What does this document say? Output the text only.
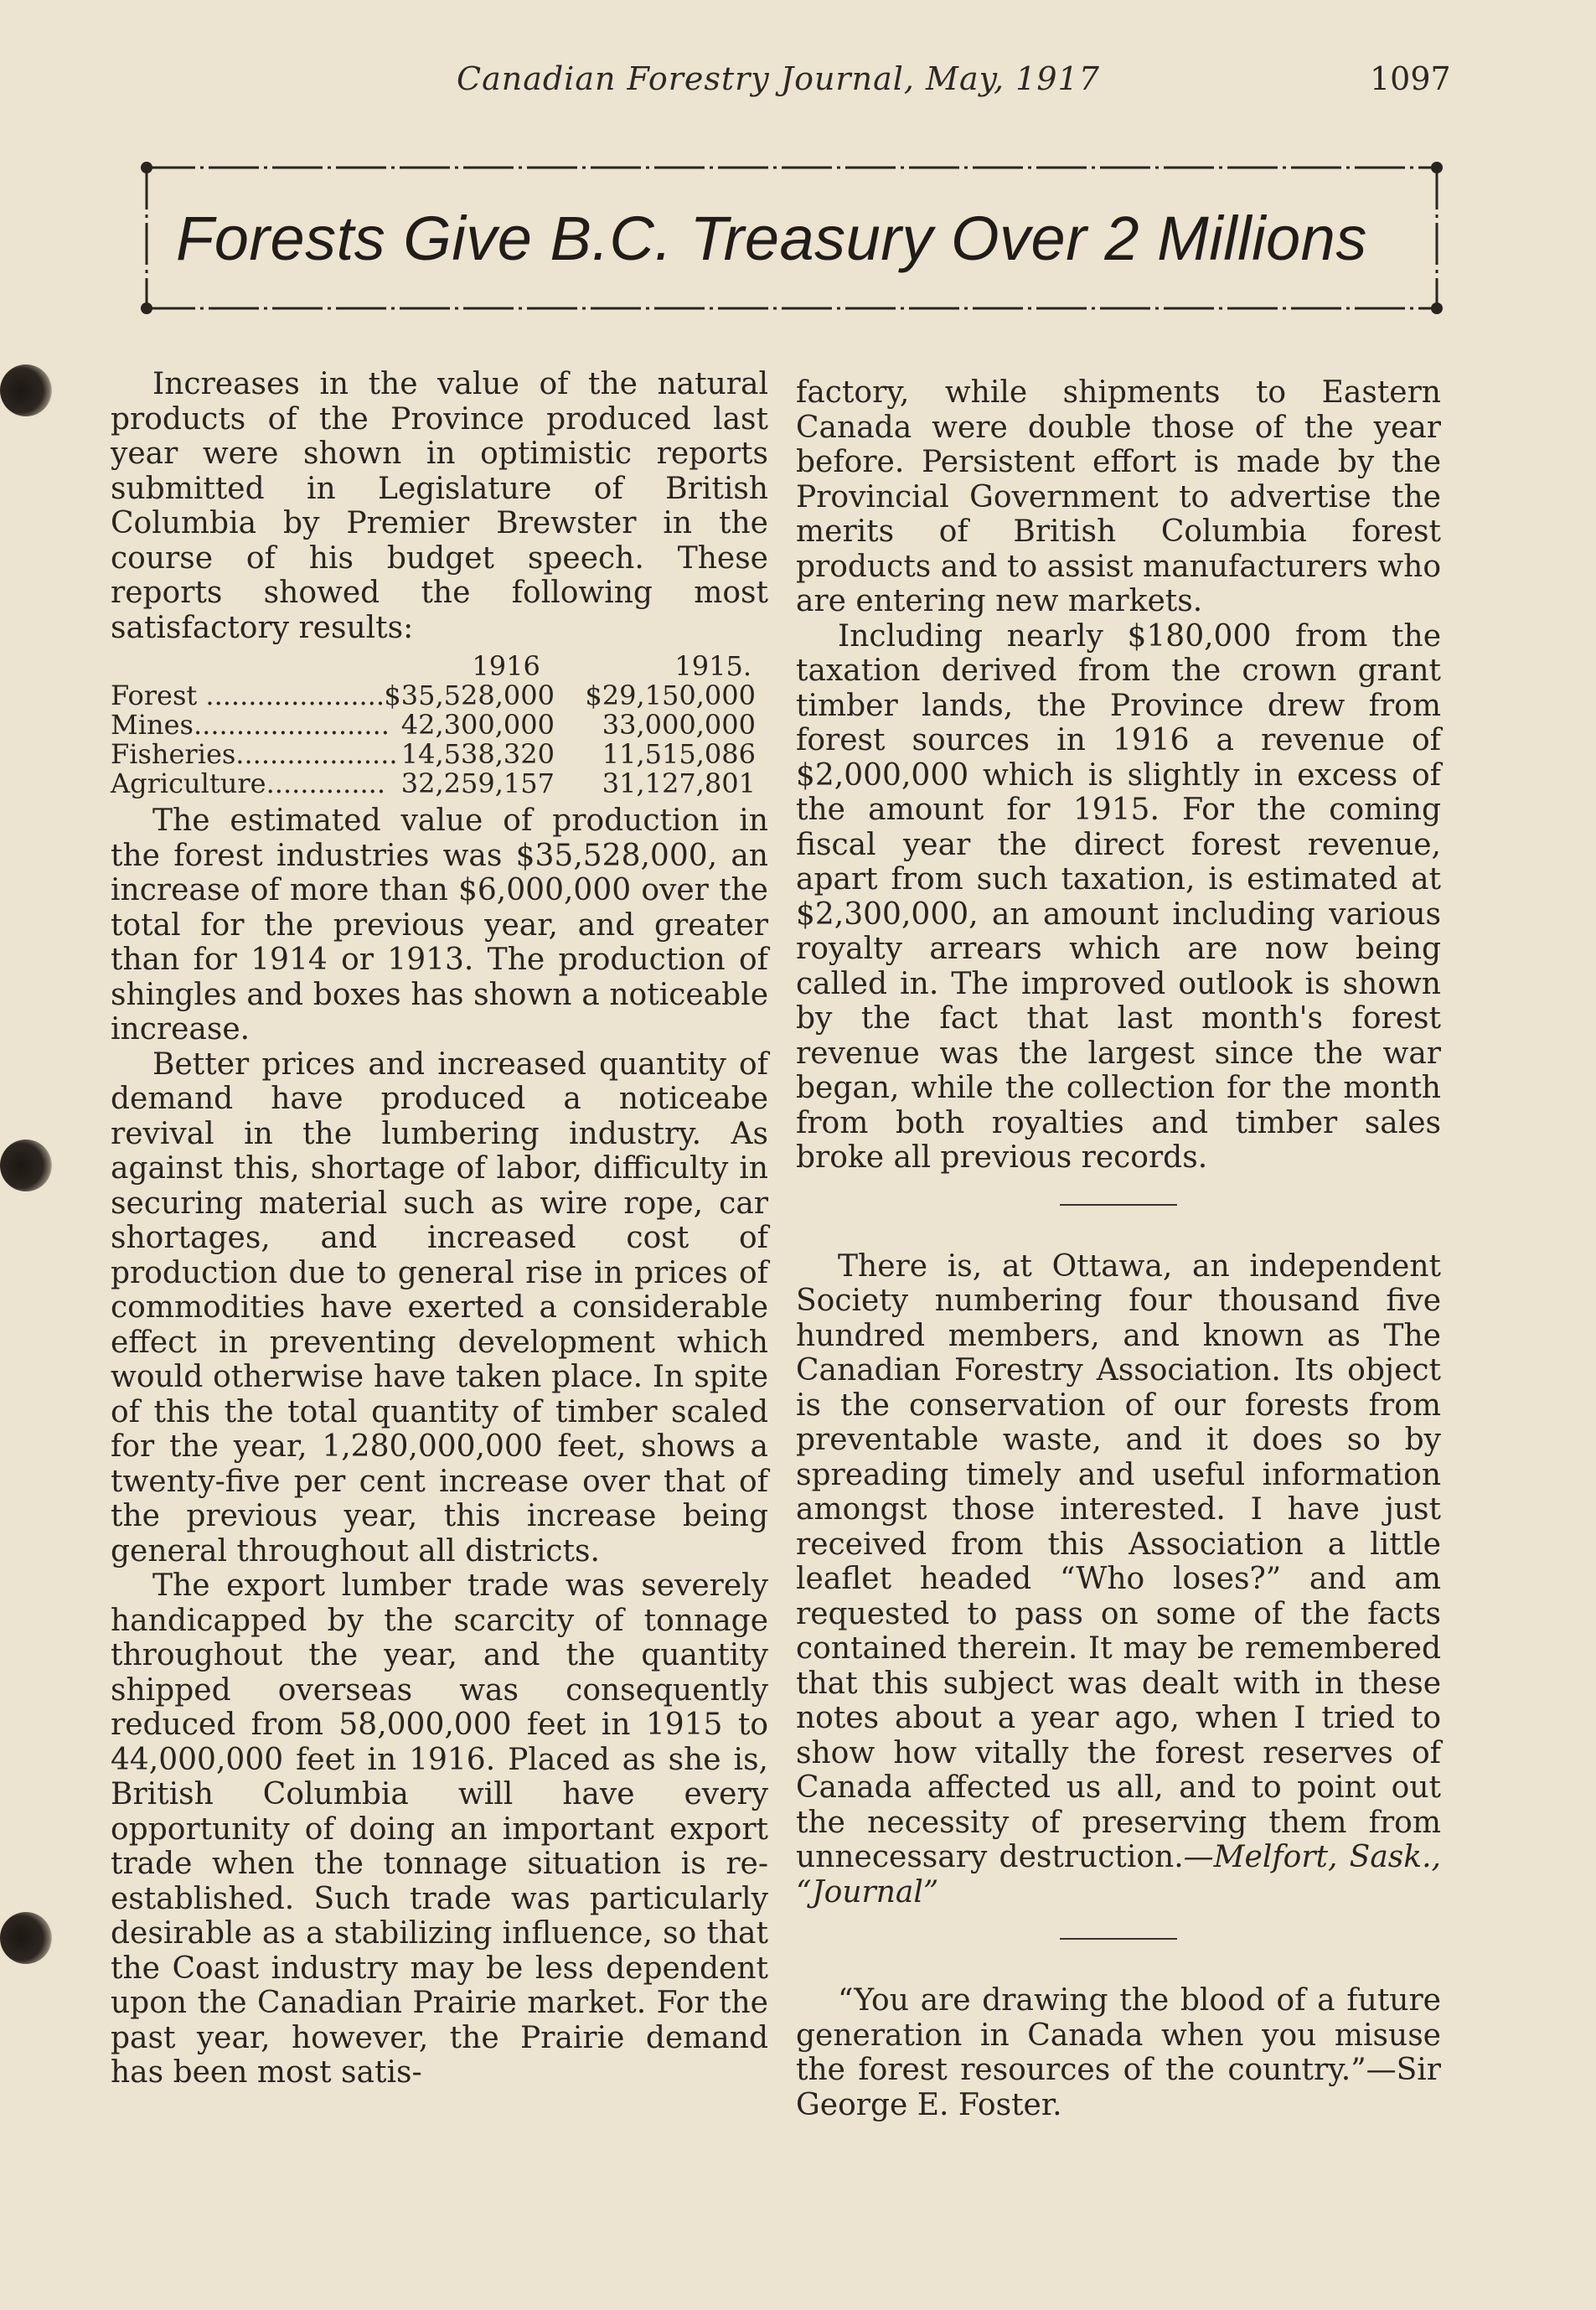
Canadian Forestry Journal, May, 1917	1097
Forests Give B.C. Treasury Over 2 Millions

Increases in the value of the natural products of the Province produced last year were shown in optimistic reports submitted in Legislature of British Columbia by Premier Brewster in the course of his budget speech. These reports showed the following most satisfactory results:

1916	1915.
Forest ..................... $35,528,000	$29,150,000
Mines....................... 42,300,000	33,000,000
Fisheries................... 14,538,320	11,515,086
Agriculture.............. 32,259,157	31,127,801

The estimated value of production in the forest industries was $35,528,000, an increase of more than $6,000,000 over the total for the previous year, and greater than for 1914 or 1913. The production of shingles and boxes has shown a noticeable increase.

Better prices and increased quantity of demand have produced a noticeabe revival in the lumbering industry. As against this, shortage of labor, difficulty in securing material such as wire rope, car shortages, and increased cost of production due to general rise in prices of commodities have exerted a considerable effect in preventing development which would otherwise have taken place. In spite of this the total quantity of timber scaled for the year, 1,280,000,000 feet, shows a twenty-five per cent increase over that of the previous year, this increase being general throughout all districts.

The export lumber trade was severely handicapped by the scarcity of tonnage throughout the year, and the quantity shipped overseas was consequently reduced from 58,000,000 feet in 1915 to 44,000,000 feet in 1916. Placed as she is, British Columbia will have every opportunity of doing an important export trade when the tonnage situation is re-established. Such trade was particularly desirable as a stabilizing influence, so that the Coast industry may be less dependent upon the Canadian Prairie market. For the past year, however, the Prairie demand has been most satis-

factory, while shipments to Eastern Canada were double those of the year before. Persistent effort is made by the Provincial Government to advertise the merits of British Columbia forest products and to assist manufacturers who are entering new markets.

Including nearly $180,000 from the taxation derived from the crown grant timber lands, the Province drew from forest sources in 1916 a revenue of $2,000,000 which is slightly in excess of the amount for 1915. For the coming fiscal year the direct forest revenue, apart from such taxation, is estimated at $2,300,000, an amount including various royalty arrears which are now being called in. The improved outlook is shown by the fact that last month's forest revenue was the largest since the war began, while the collection for the month from both royalties and timber sales broke all previous records.

There is, at Ottawa, an independent Society numbering four thousand five hundred members, and known as The Canadian Forestry Association. Its object is the conservation of our forests from preventable waste, and it does so by spreading timely and useful information amongst those interested. I have just received from this Association a little leaflet headed “Who loses?” and am requested to pass on some of the facts contained therein. It may be remembered that this subject was dealt with in these notes about a year ago, when I tried to show how vitally the forest reserves of Canada affected us all, and to point out the necessity of preserving them from unnecessary destruction.—Melfort, Sask., “Journal”

“You are drawing the blood of a future generation in Canada when you misuse the forest resources of the country.”—Sir George E. Foster.
